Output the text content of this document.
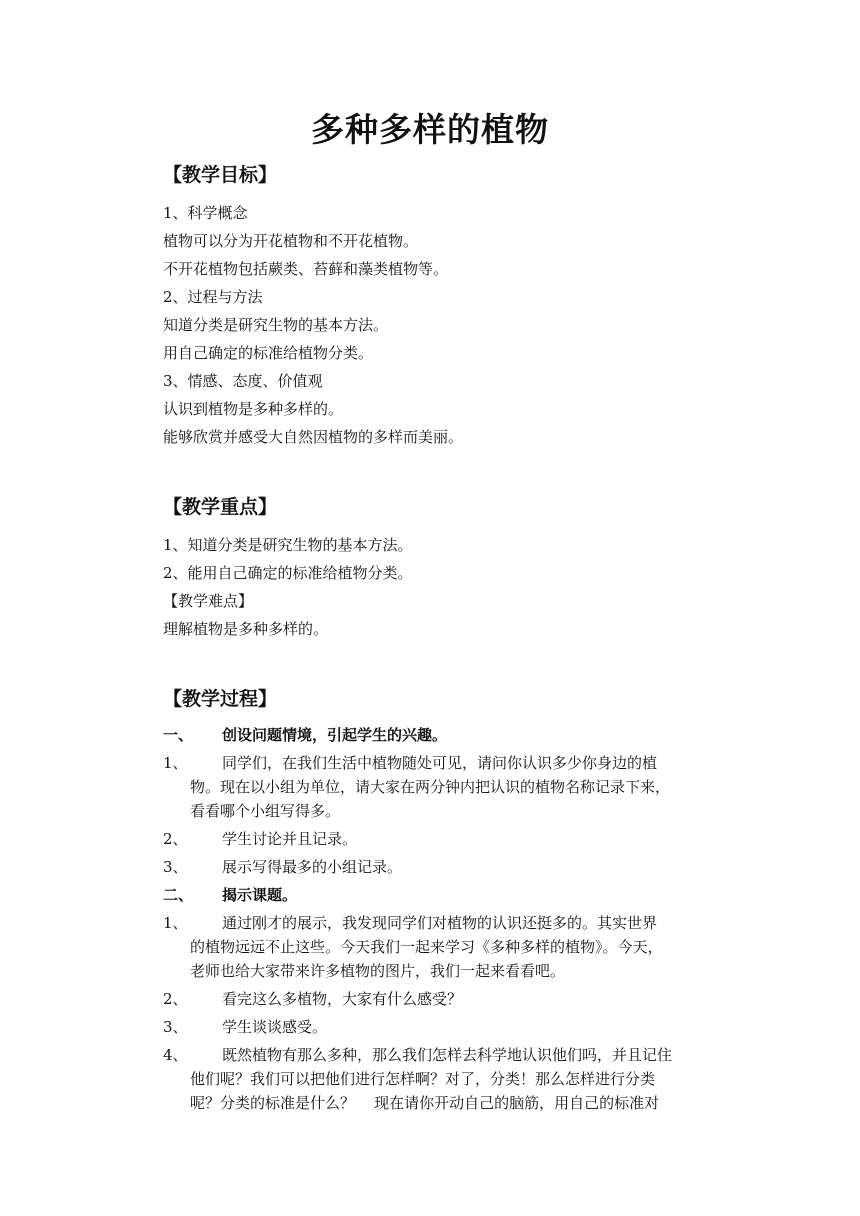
多种多样的植物
【教学目标】
1、科学概念
植物可以分为开花植物和不开花植物。
不开花植物包括蕨类、苔藓和藻类植物等。
2、过程与方法
知道分类是研究生物的基本方法。
用自己确定的标准给植物分类。
3、情感、态度、价值观
认识到植物是多种多样的。
能够欣赏并感受大自然因植物的多样而美丽。
【教学重点】
1、知道分类是研究生物的基本方法。
2、能用自己确定的标准给植物分类。
【教学难点】
理解植物是多种多样的。
【教学过程】
一、 创设问题情境，引起学生的兴趣。
1、 同学们，在我们生活中植物随处可见，请问你认识多少你身边的植
物。现在以小组为单位，请大家在两分钟内把认识的植物名称记录下来，
看看哪个小组写得多。
2、 学生讨论并且记录。
3、 展示写得最多的小组记录。
二、 揭示课题。
1、 通过刚才的展示，我发现同学们对植物的认识还挺多的。其实世界
的植物远远不止这些。今天我们一起来学习《多种多样的植物》。今天，
老师也给大家带来许多植物的图片，我们一起来看看吧。
2、 看完这么多植物，大家有什么感受？
3、 学生谈谈感受。
4、 既然植物有那么多种，那么我们怎样去科学地认识他们吗，并且记住
他们呢？我们可以把他们进行怎样啊？对了，分类！那么怎样进行分类
呢？分类的标准是什么？    现在请你开动自己的脑筋，用自己的标准对
